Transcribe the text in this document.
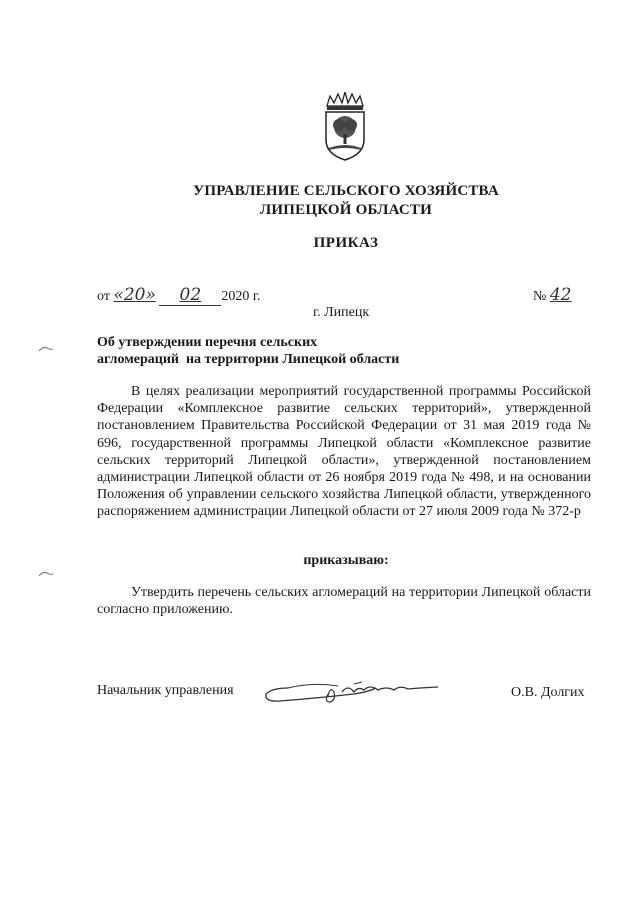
УПРАВЛЕНИЕ СЕЛЬСКОГО ХОЗЯЙСТВА
ЛИПЕЦКОЙ ОБЛАСТИ
ПРИКАЗ
от «20» 02 2020 г.	№ 42
г. Липецк
Об утверждении перечня сельских
агломераций  на территории Липецкой области
В целях реализации мероприятий государственной программы Российской Федерации «Комплексное развитие сельских территорий», утвержденной постановлением Правительства Российской Федерации от 31 мая 2019 года № 696, государственной программы Липецкой области «Комплексное развитие сельских территорий Липецкой области», утвержденной постановлением администрации Липецкой области от 26 ноября 2019 года № 498, и на основании Положения об управлении сельского хозяйства Липецкой области, утвержденного распоряжением администрации Липецкой области от 27 июля 2009 года № 372-р
приказываю:
Утвердить перечень сельских агломераций на территории Липецкой области согласно приложению.
Начальник управления	О.В. Долгих
